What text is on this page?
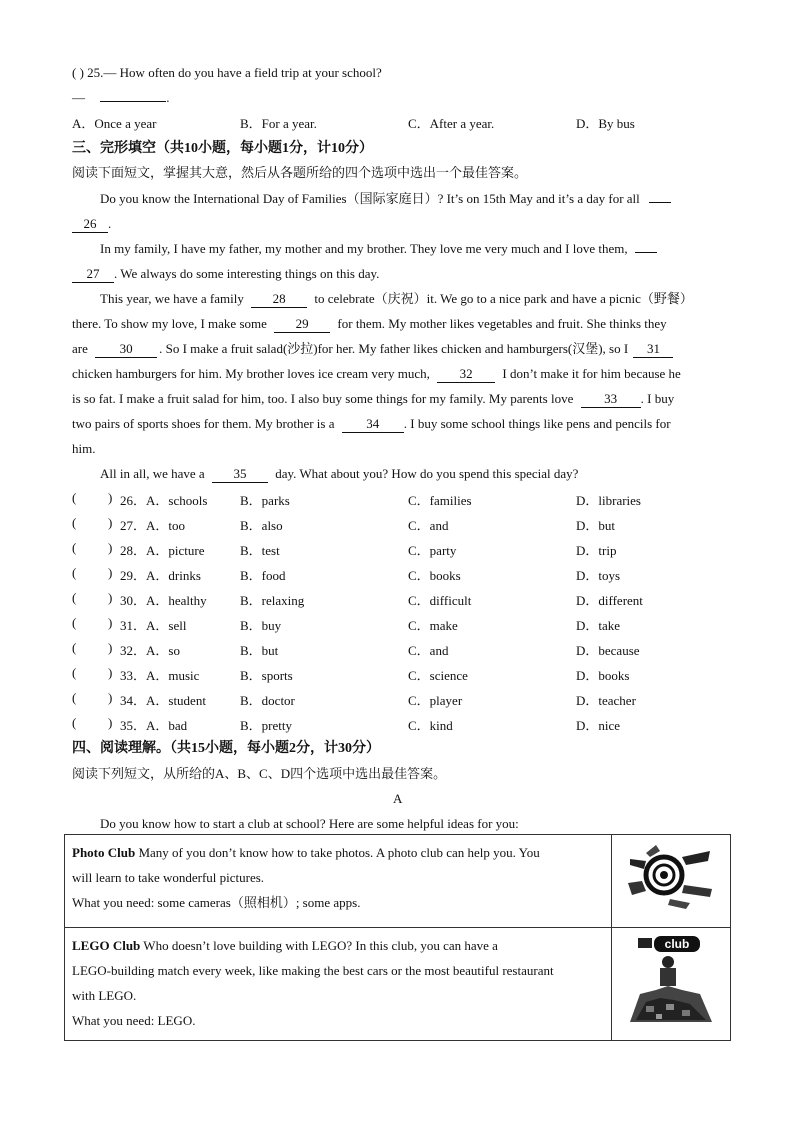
( ) 25.— How often do you have a field trip at your school?
—	.
A．Once a year	B．For a year.	C．After a year.	D．By bus
三、完形填空（共10小题，每小题1分，计10分）
阅读下面短文，掌握其大意，然后从各题所给的四个选项中选出一个最佳答案。
Do you know the International Day of Families（国际家庭日）? It’s on 15th May and it’s a day for all
26 .
In my family, I have my father, my mother and my brother. They love me very much and I love them,
27 . We always do some interesting things on this day.
This year, we have a family 28 to celebrate（庆祝）it. We go to a nice park and have a picnic（野餐）
there. To show my love, I make some 29 for them. My mother likes vegetables and fruit. She thinks they
are 30 . So I make a fruit salad(沙拉)for her. My father likes chicken and hamburgers(汉堡), so I 31
chicken hamburgers for him. My brother loves ice cream very much, 32 I don’t make it for him because he
is so fat. I make a fruit salad for him, too. I also buy some things for my family. My parents love 33 . I buy
two pairs of sports shoes for them. My brother is a 34 . I buy some school things like pens and pencils for
him.
All in all, we have a 35 day. What about you? How do you spend this special day?
( ) 26．A．schools	B．parks	C．families	D．libraries
( ) 27．A．too	B．also	C．and	D．but
( ) 28．A．picture	B．test	C．party	D．trip
( ) 29．A．drinks	B．food	C．books	D．toys
( ) 30．A．healthy	B．relaxing	C．difficult	D．different
( ) 31．A．sell	B．buy	C．make	D．take
( ) 32．A．so	B．but	C．and	D．because
( ) 33．A．music	B．sports	C．science	D．books
( ) 34．A．student	B．doctor	C．player	D．teacher
( ) 35．A．bad	B．pretty	C．kind	D．nice
四、阅读理解。（共15小题，每小题2分，计30分）
阅读下列短文，从所给的A、B、C、D四个选项中选出最佳答案。
A
Do you know how to start a club at school? Here are some helpful ideas for you:
Photo Club Many of you don’t know how to take photos. A photo club can help you. You
will learn to take wonderful pictures.
What you need: some cameras（照相机）; some apps.

LEGO Club Who doesn’t love building with LEGO? In this club, you can have a
LEGO-building match every week, like making the best cars or the most beautiful restaurant
with LEGO.
What you need: LEGO.	club
